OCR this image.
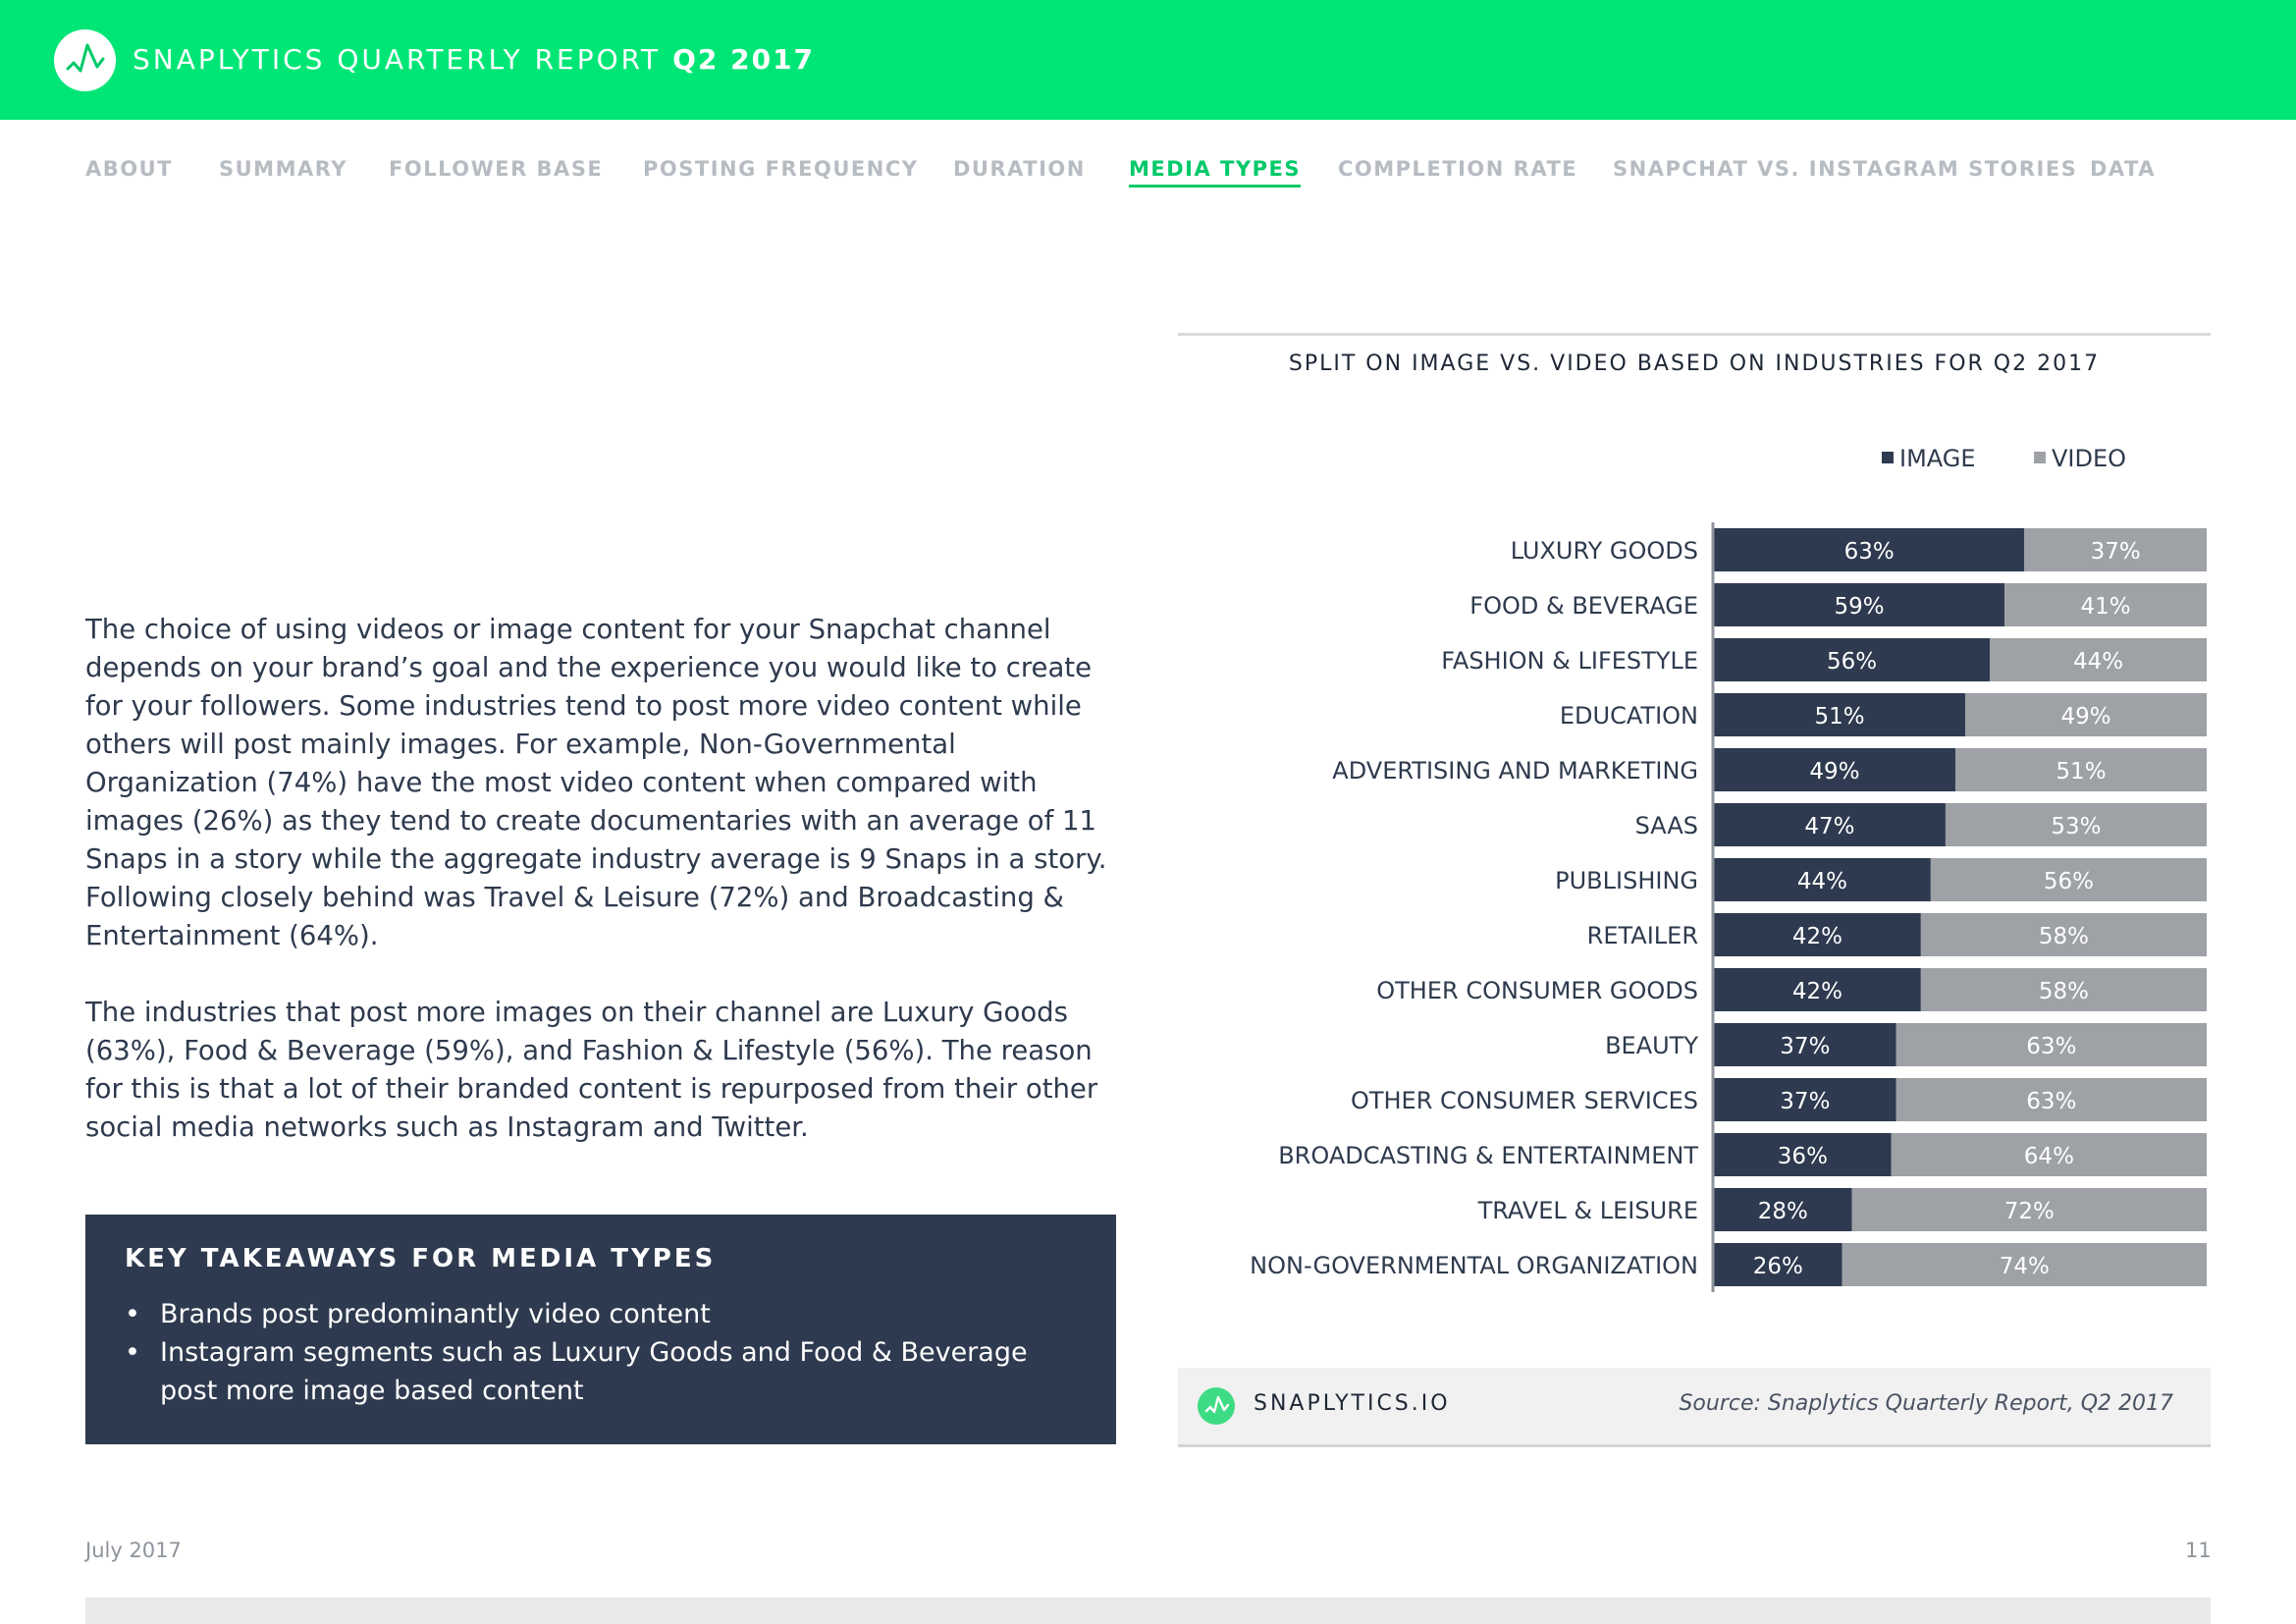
SNAPLYTICS QUARTERLY REPORT Q2 2017
ABOUT SUMMARY FOLLOWER BASE POSTING FREQUENCY DURATION MEDIA TYPES COMPLETION RATE SNAPCHAT VS. INSTAGRAM STORIES DATA

The choice of using videos or image content for your Snapchat channel depends on your brand’s goal and the experience you would like to create for your followers. Some industries tend to post more video content while others will post mainly images. For example, Non-Governmental Organization (74%) have the most video content when compared with images (26%) as they tend to create documentaries with an average of 11 Snaps in a story while the aggregate industry average is 9 Snaps in a story. Following closely behind was Travel & Leisure (72%) and Broadcasting & Entertainment (64%).

The industries that post more images on their channel are Luxury Goods (63%), Food & Beverage (59%), and Fashion & Lifestyle (56%). The reason for this is that a lot of their branded content is repurposed from their other social media networks such as Instagram and Twitter.

KEY TAKEAWAYS FOR MEDIA TYPES
• Brands post predominantly video content
• Instagram segments such as Luxury Goods and Food & Beverage post more image based content
SPLIT ON IMAGE VS. VIDEO BASED ON INDUSTRIES FOR Q2 2017
IMAGE	VIDEO
LUXURY GOODS	63%	37%
FOOD & BEVERAGE	59%	41%
FASHION & LIFESTYLE	56%	44%
EDUCATION	51%	49%
ADVERTISING AND MARKETING	49%	51%
SAAS	47%	53%
PUBLISHING	44%	56%
RETAILER	42%	58%
OTHER CONSUMER GOODS	42%	58%
BEAUTY	37%	63%
OTHER CONSUMER SERVICES	37%	63%
BROADCASTING & ENTERTAINMENT	36%	64%
TRAVEL & LEISURE	28%	72%
NON-GOVERNMENTAL ORGANIZATION 26%	74%
SNAPLYTICS.IO	Source: Snaplytics Quarterly Report, Q2 2017
July 2017	11
